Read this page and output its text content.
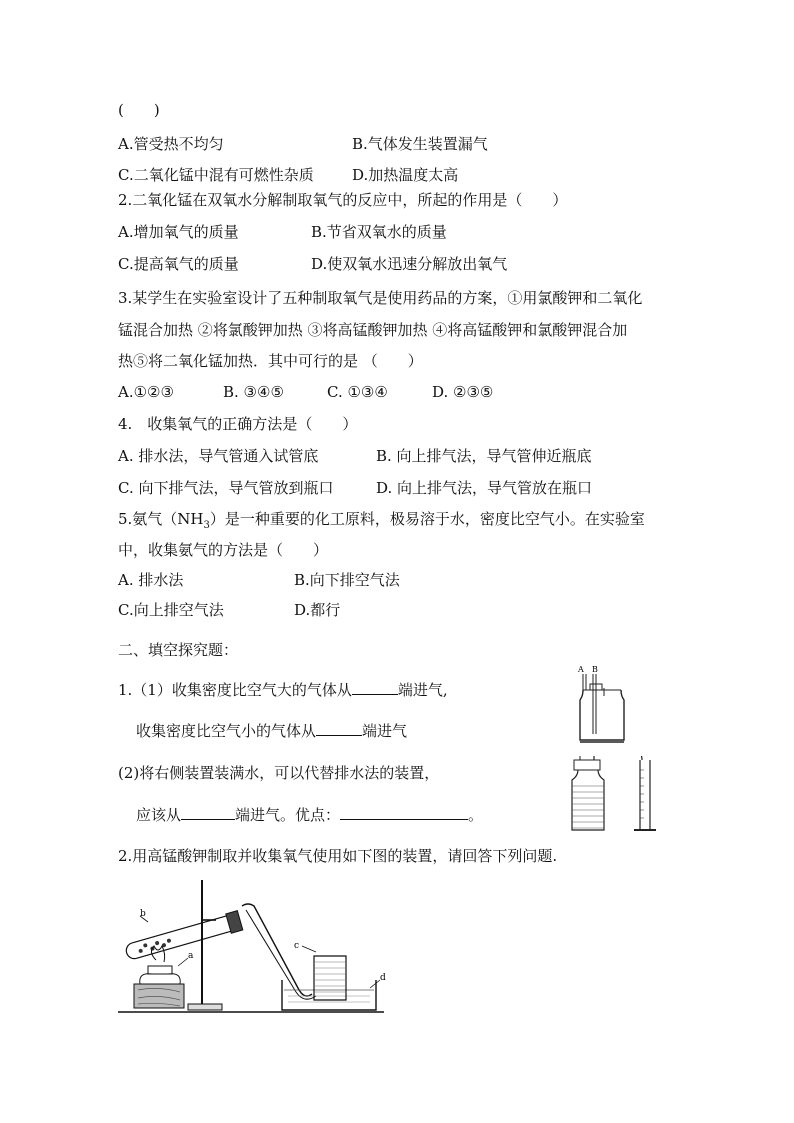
(　　)
A.管受热不均匀	B.气体发生装置漏气
C.二氧化锰中混有可燃性杂质	D.加热温度太高
2.二氧化锰在双氧水分解制取氧气的反应中，所起的作用是（　　）
A.增加氧气的质量	B.节省双氧水的质量
C.提高氧气的质量	D.使双氧水迅速分解放出氧气
3.某学生在实验室设计了五种制取氧气是使用药品的方案，①用氯酸钾和二氧化
锰混合加热 ②将氯酸钾加热 ③将高锰酸钾加热 ④将高锰酸钾和氯酸钾混合加
热⑤将二氧化锰加热．其中可行的是 （　　）
A.①②③	B. ③④⑤	C. ①③④	D. ②③⑤
4.　收集氧气的正确方法是（　　）
A. 排水法，导气管通入试管底	B. 向上排气法，导气管伸近瓶底
C. 向下排气法，导气管放到瓶口	D. 向上排气法，导气管放在瓶口
5.氨气$(NH_3)$是一种重要的化工原料，极易溶于水，密度比空气小。在实验室
中，收集氨气的方法是（　　）
A. 排水法	B.向下排空气法
C.向上排空气法	D.都行
二、填空探究题：
1.（1）收集密度比空气大的气体从	端进气,
收集密度比空气小的气体从	端进气
(2)将右侧装置装满水，可以代替排水法的装置，
应该从	端进气。优点：	。
A B
2.用高锰酸钾制取并收集氧气使用如下图的装置，请回答下列问题.
a
b
c
d
